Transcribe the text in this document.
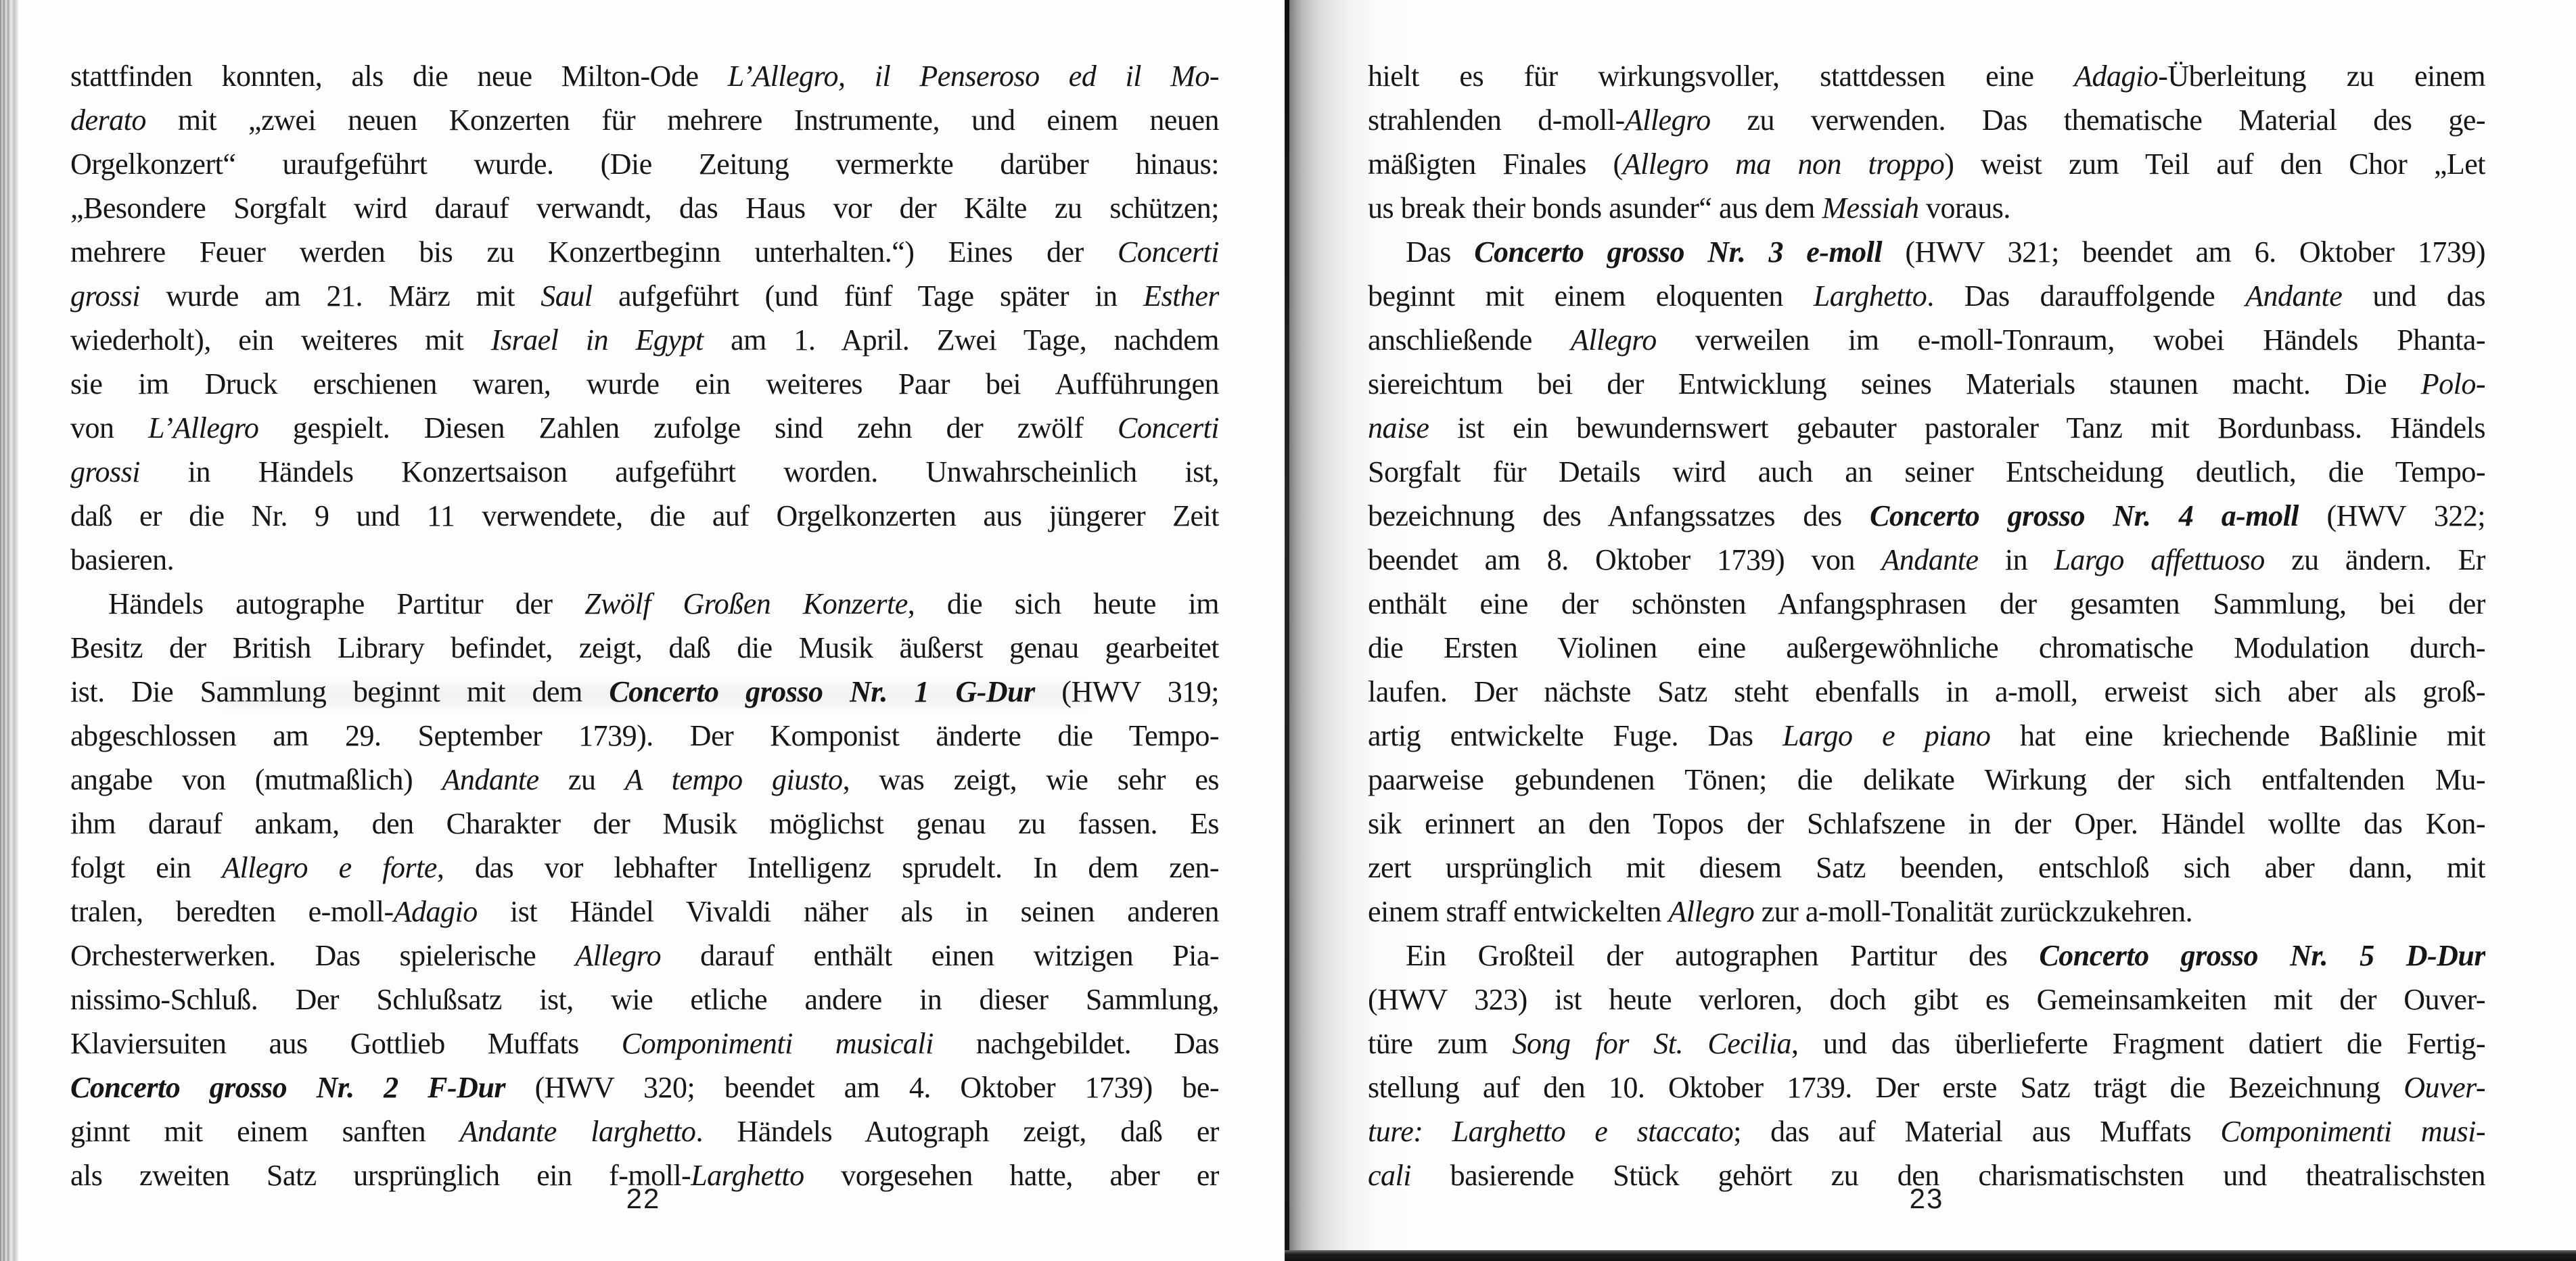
stattfinden konnten, als die neue Milton-Ode L’Allegro, il Penseroso ed il Mo-
derato mit „zwei neuen Konzerten für mehrere Instrumente, und einem neuen
Orgelkonzert“ uraufgeführt wurde. (Die Zeitung vermerkte darüber hinaus:
„Besondere Sorgfalt wird darauf verwandt, das Haus vor der Kälte zu schützen;
mehrere Feuer werden bis zu Konzertbeginn unterhalten.“) Eines der Concerti
grossi wurde am 21. März mit Saul aufgeführt (und fünf Tage später in Esther
wiederholt), ein weiteres mit Israel in Egypt am 1. April. Zwei Tage, nachdem
sie im Druck erschienen waren, wurde ein weiteres Paar bei Aufführungen
von L’Allegro gespielt. Diesen Zahlen zufolge sind zehn der zwölf Concerti
grossi in Händels Konzertsaison aufgeführt worden. Unwahrscheinlich ist,
daß er die Nr. 9 und 11 verwendete, die auf Orgelkonzerten aus jüngerer Zeit
basieren.
Händels autographe Partitur der Zwölf Großen Konzerte, die sich heute im
Besitz der British Library befindet, zeigt, daß die Musik äußerst genau gearbeitet
ist. Die Sammlung beginnt mit dem Concerto grosso Nr. 1 G-Dur (HWV 319;
abgeschlossen am 29. September 1739). Der Komponist änderte die Tempo-
angabe von (mutmaßlich) Andante zu A tempo giusto, was zeigt, wie sehr es
ihm darauf ankam, den Charakter der Musik möglichst genau zu fassen. Es
folgt ein Allegro e forte, das vor lebhafter Intelligenz sprudelt. In dem zen-
tralen, beredten e-moll-Adagio ist Händel Vivaldi näher als in seinen anderen
Orchesterwerken. Das spielerische Allegro darauf enthält einen witzigen Pia-
nissimo-Schluß. Der Schlußsatz ist, wie etliche andere in dieser Sammlung,
Klaviersuiten aus Gottlieb Muffats Componimenti musicali nachgebildet. Das
Concerto grosso Nr. 2 F-Dur (HWV 320; beendet am 4. Oktober 1739) be-
ginnt mit einem sanften Andante larghetto. Händels Autograph zeigt, daß er
als zweiten Satz ursprünglich ein f-moll-Larghetto vorgesehen hatte, aber er
22
hielt es für wirkungsvoller, stattdessen eine Adagio-Überleitung zu einem
strahlenden d-moll-Allegro zu verwenden. Das thematische Material des ge-
mäßigten Finales (Allegro ma non troppo) weist zum Teil auf den Chor „Let
us break their bonds asunder“ aus dem Messiah voraus.
Das Concerto grosso Nr. 3 e-moll (HWV 321; beendet am 6. Oktober 1739)
beginnt mit einem eloquenten Larghetto. Das darauffolgende Andante und das
anschließende Allegro verweilen im e-moll-Tonraum, wobei Händels Phanta-
siereichtum bei der Entwicklung seines Materials staunen macht. Die Polo-
naise ist ein bewundernswert gebauter pastoraler Tanz mit Bordunbass. Händels
Sorgfalt für Details wird auch an seiner Entscheidung deutlich, die Tempo-
bezeichnung des Anfangssatzes des Concerto grosso Nr. 4 a-moll (HWV 322;
beendet am 8. Oktober 1739) von Andante in Largo affettuoso zu ändern. Er
enthält eine der schönsten Anfangsphrasen der gesamten Sammlung, bei der
die Ersten Violinen eine außergewöhnliche chromatische Modulation durch-
laufen. Der nächste Satz steht ebenfalls in a-moll, erweist sich aber als groß-
artig entwickelte Fuge. Das Largo e piano hat eine kriechende Baßlinie mit
paarweise gebundenen Tönen; die delikate Wirkung der sich entfaltenden Mu-
sik erinnert an den Topos der Schlafszene in der Oper. Händel wollte das Kon-
zert ursprünglich mit diesem Satz beenden, entschloß sich aber dann, mit
einem straff entwickelten Allegro zur a-moll-Tonalität zurückzukehren.
Ein Großteil der autographen Partitur des Concerto grosso Nr. 5 D-Dur
(HWV 323) ist heute verloren, doch gibt es Gemeinsamkeiten mit der Ouver-
türe zum Song for St. Cecilia, und das überlieferte Fragment datiert die Fertig-
stellung auf den 10. Oktober 1739. Der erste Satz trägt die Bezeichnung Ouver-
ture: Larghetto e staccato; das auf Material aus Muffats Componimenti musi-
cali basierende Stück gehört zu den charismatischsten und theatralischsten
23
